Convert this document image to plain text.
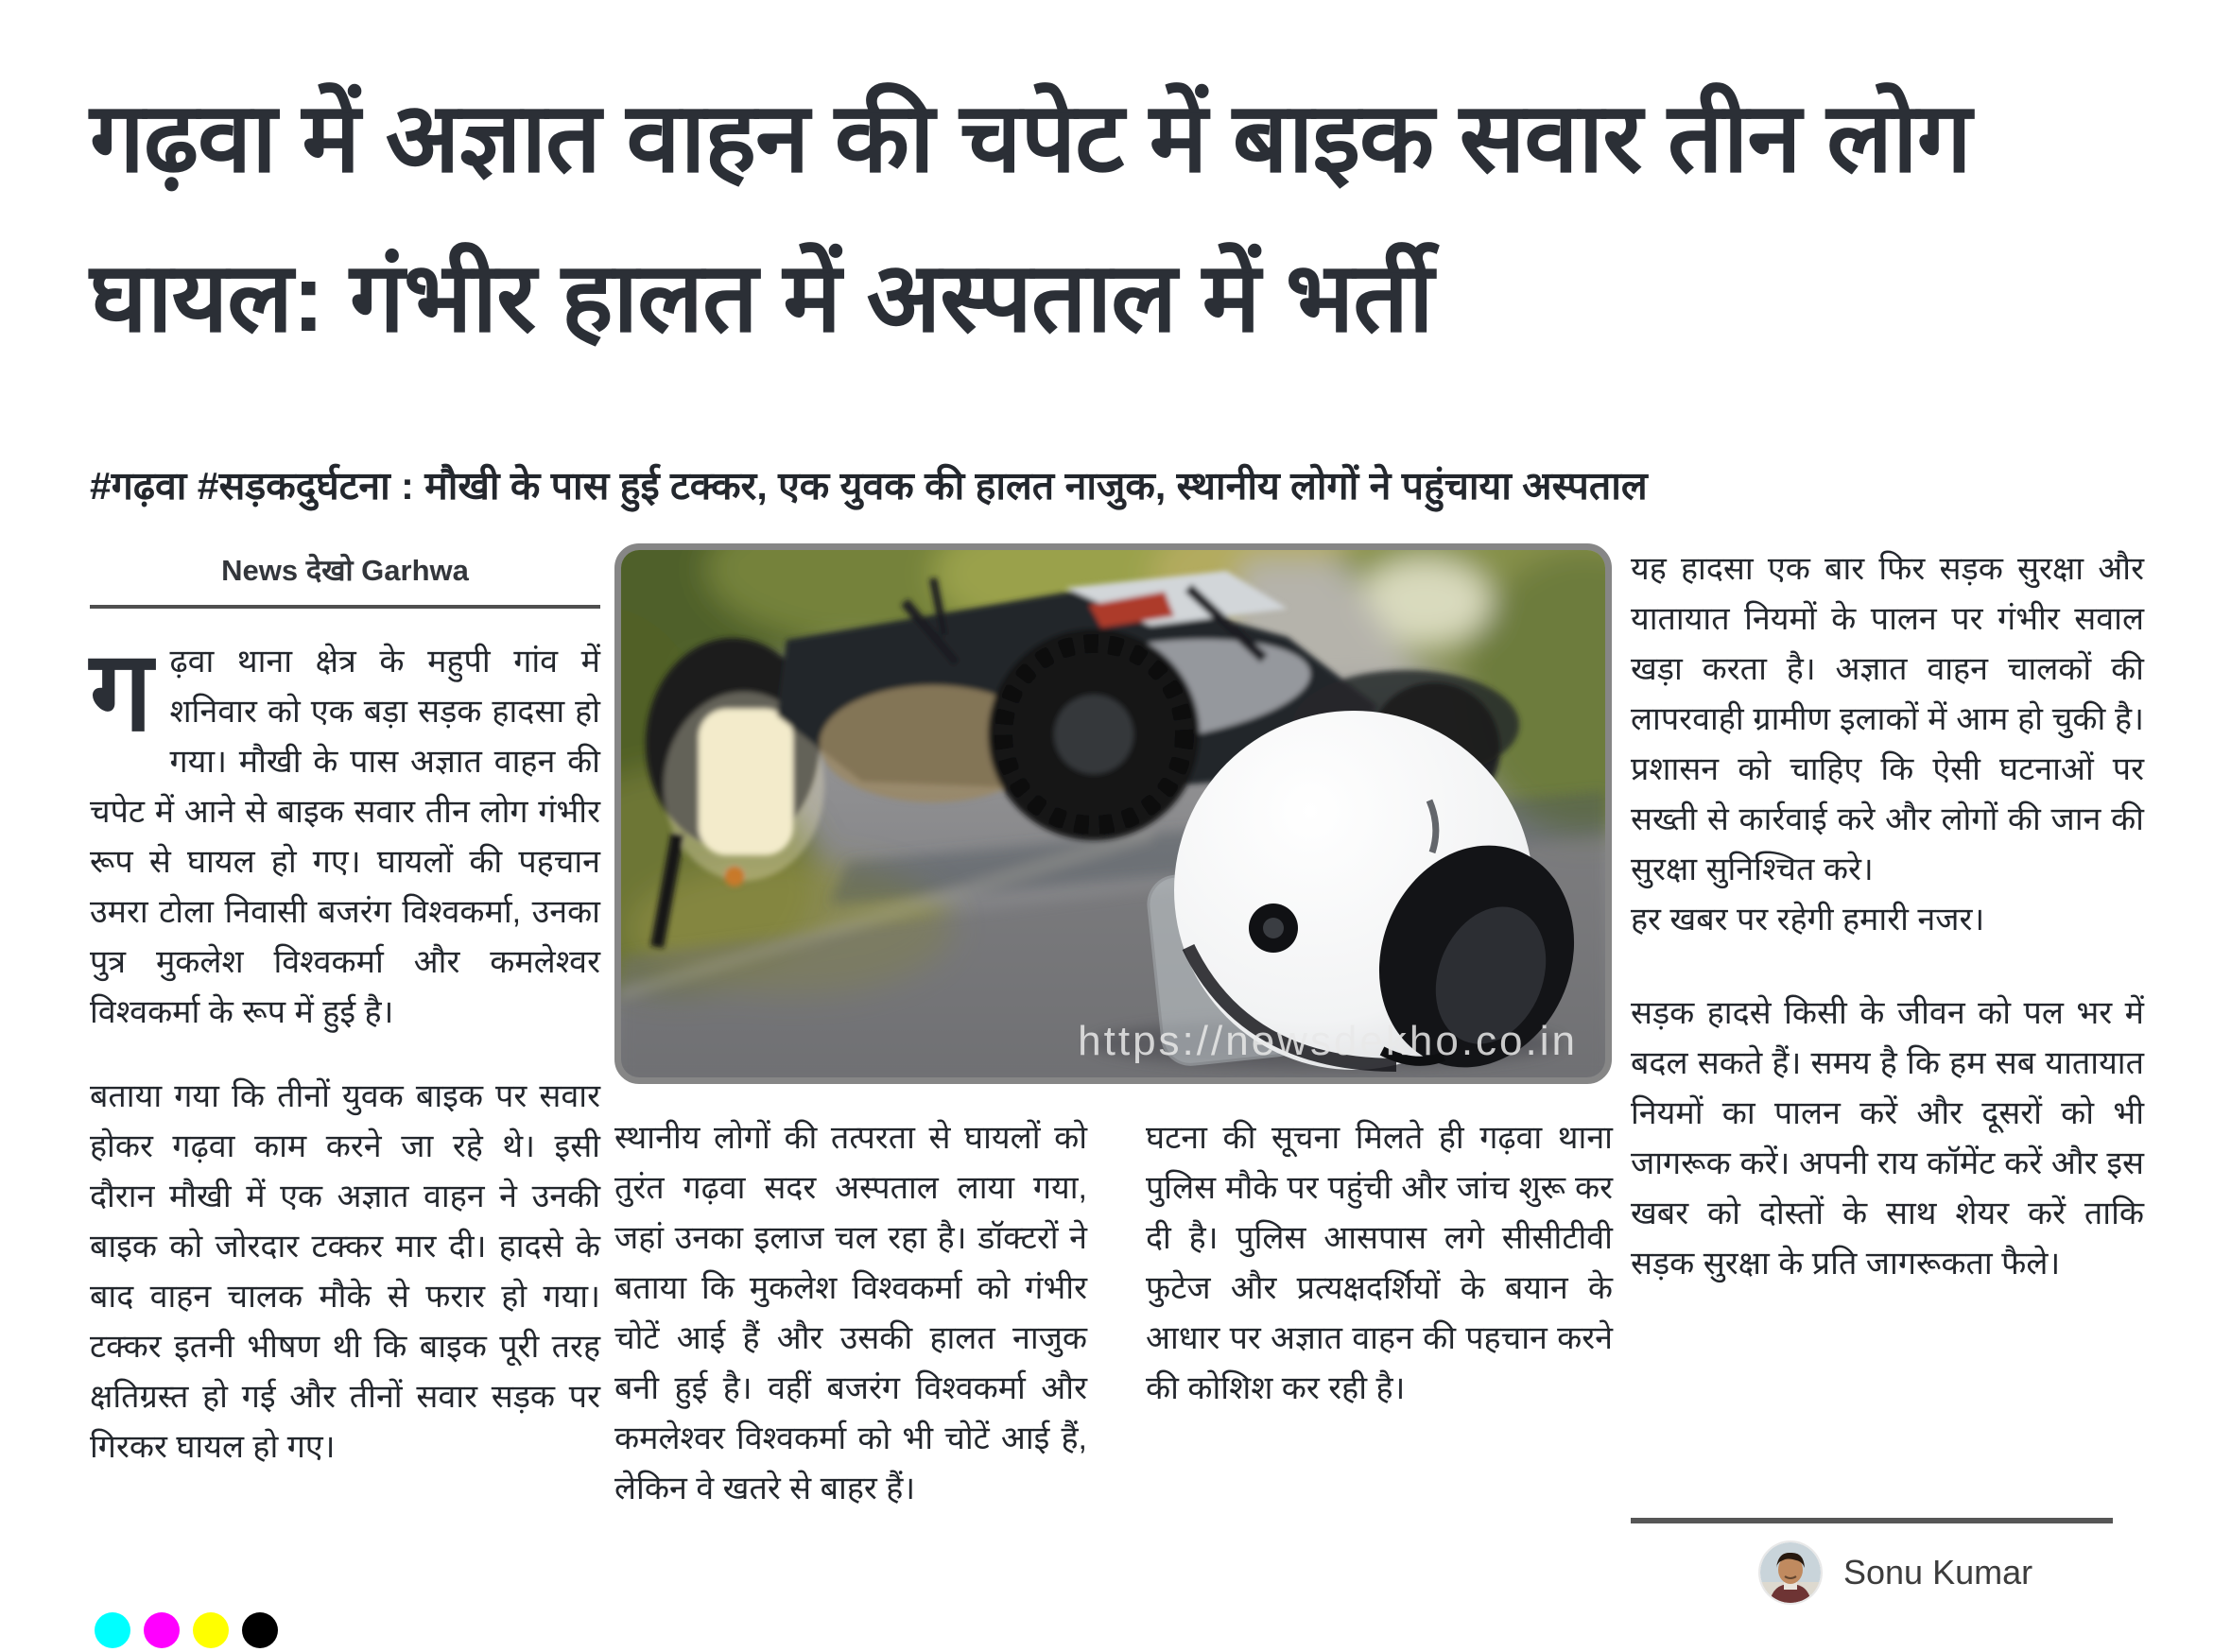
गढ़वा में अज्ञात वाहन की चपेट में बाइक सवार तीन लोग घायल: गंभीर हालत में अस्पताल में भर्ती
#गढ़वा #सड़कदुर्घटना : मौखी के पास हुई टक्कर, एक युवक की हालत नाजुक, स्थानीय लोगों ने पहुंचाया अस्पताल
News देखो Garhwa

गढ़वा थाना क्षेत्र के महुपी गांव में शनिवार को एक बड़ा सड़क हादसा हो गया। मौखी के पास अज्ञात वाहन की चपेट में आने से बाइक सवार तीन लोग गंभीर रूप से घायल हो गए। घायलों की पहचान उमरा टोला निवासी बजरंग विश्वकर्मा, उनका पुत्र मुकलेश विश्वकर्मा और कमलेश्वर विश्वकर्मा के रूप में हुई है।

बताया गया कि तीनों युवक बाइक पर सवार होकर गढ़वा काम करने जा रहे थे। इसी दौरान मौखी में एक अज्ञात वाहन ने उनकी बाइक को जोरदार टक्कर मार दी। हादसे के बाद वाहन चालक मौके से फरार हो गया। टक्कर इतनी भीषण थी कि बाइक पूरी तरह क्षतिग्रस्त हो गई और तीनों सवार सड़क पर गिरकर घायल हो गए।

https://newsdekho.co.in

स्थानीय लोगों की तत्परता से घायलों को तुरंत गढ़वा सदर अस्पताल लाया गया, जहां उनका इलाज चल रहा है। डॉक्टरों ने बताया कि मुकलेश विश्वकर्मा को गंभीर चोटें आई हैं और उसकी हालत नाजुक बनी हुई है। वहीं बजरंग विश्वकर्मा और कमलेश्वर विश्वकर्मा को भी चोटें आई हैं, लेकिन वे खतरे से बाहर हैं।

घटना की सूचना मिलते ही गढ़वा थाना पुलिस मौके पर पहुंची और जांच शुरू कर दी है। पुलिस आसपास लगे सीसीटीवी फुटेज और प्रत्यक्षदर्शियों के बयान के आधार पर अज्ञात वाहन की पहचान करने की कोशिश कर रही है।

यह हादसा एक बार फिर सड़क सुरक्षा और यातायात नियमों के पालन पर गंभीर सवाल खड़ा करता है। अज्ञात वाहन चालकों की लापरवाही ग्रामीण इलाकों में आम हो चुकी है। प्रशासन को चाहिए कि ऐसी घटनाओं पर सख्ती से कार्रवाई करे और लोगों की जान की सुरक्षा सुनिश्चित करे।

हर खबर पर रहेगी हमारी नजर।

सड़क हादसे किसी के जीवन को पल भर में बदल सकते हैं। समय है कि हम सब यातायात नियमों का पालन करें और दूसरों को भी जागरूक करें। अपनी राय कॉमेंट करें और इस खबर को दोस्तों के साथ शेयर करें ताकि सड़क सुरक्षा के प्रति जागरूकता फैले।

Sonu Kumar
